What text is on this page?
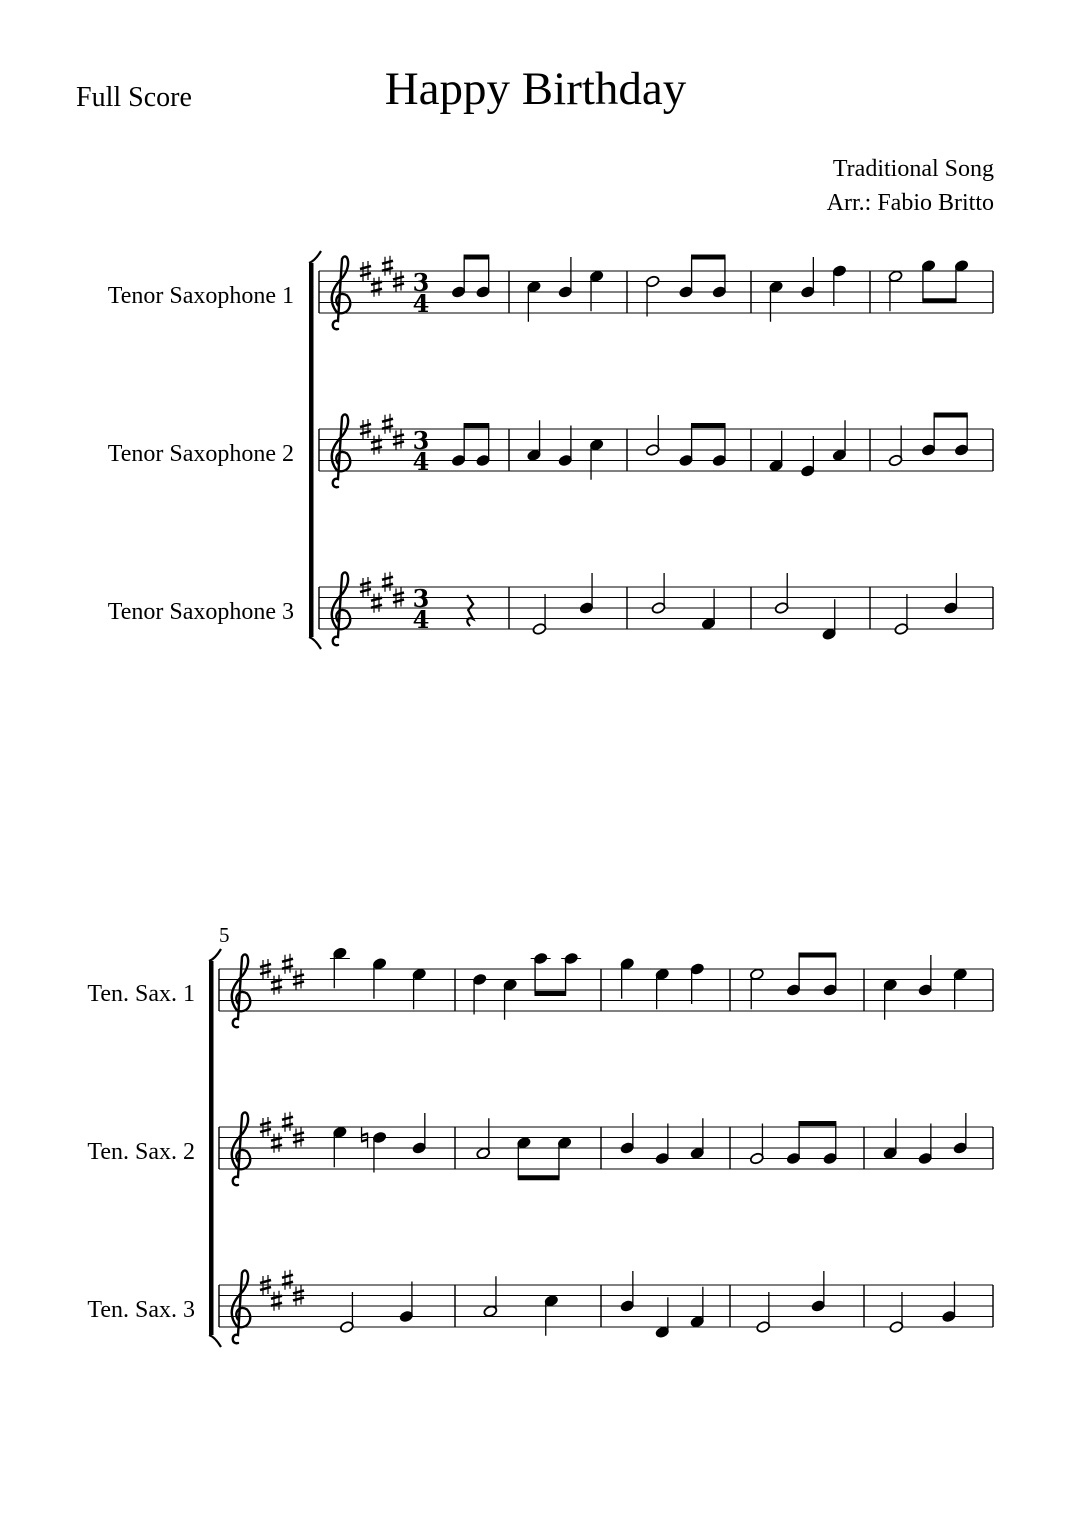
Full Score	Happy Birthday
Traditional Song
Arr.: Fabio Britto
Tenor Saxophone 1
Tenor Saxophone 2
Tenor Saxophone 3
5
Ten. Sax. 1
Ten. Sax. 2
Ten. Sax. 3
3
4
3
4
3
4
